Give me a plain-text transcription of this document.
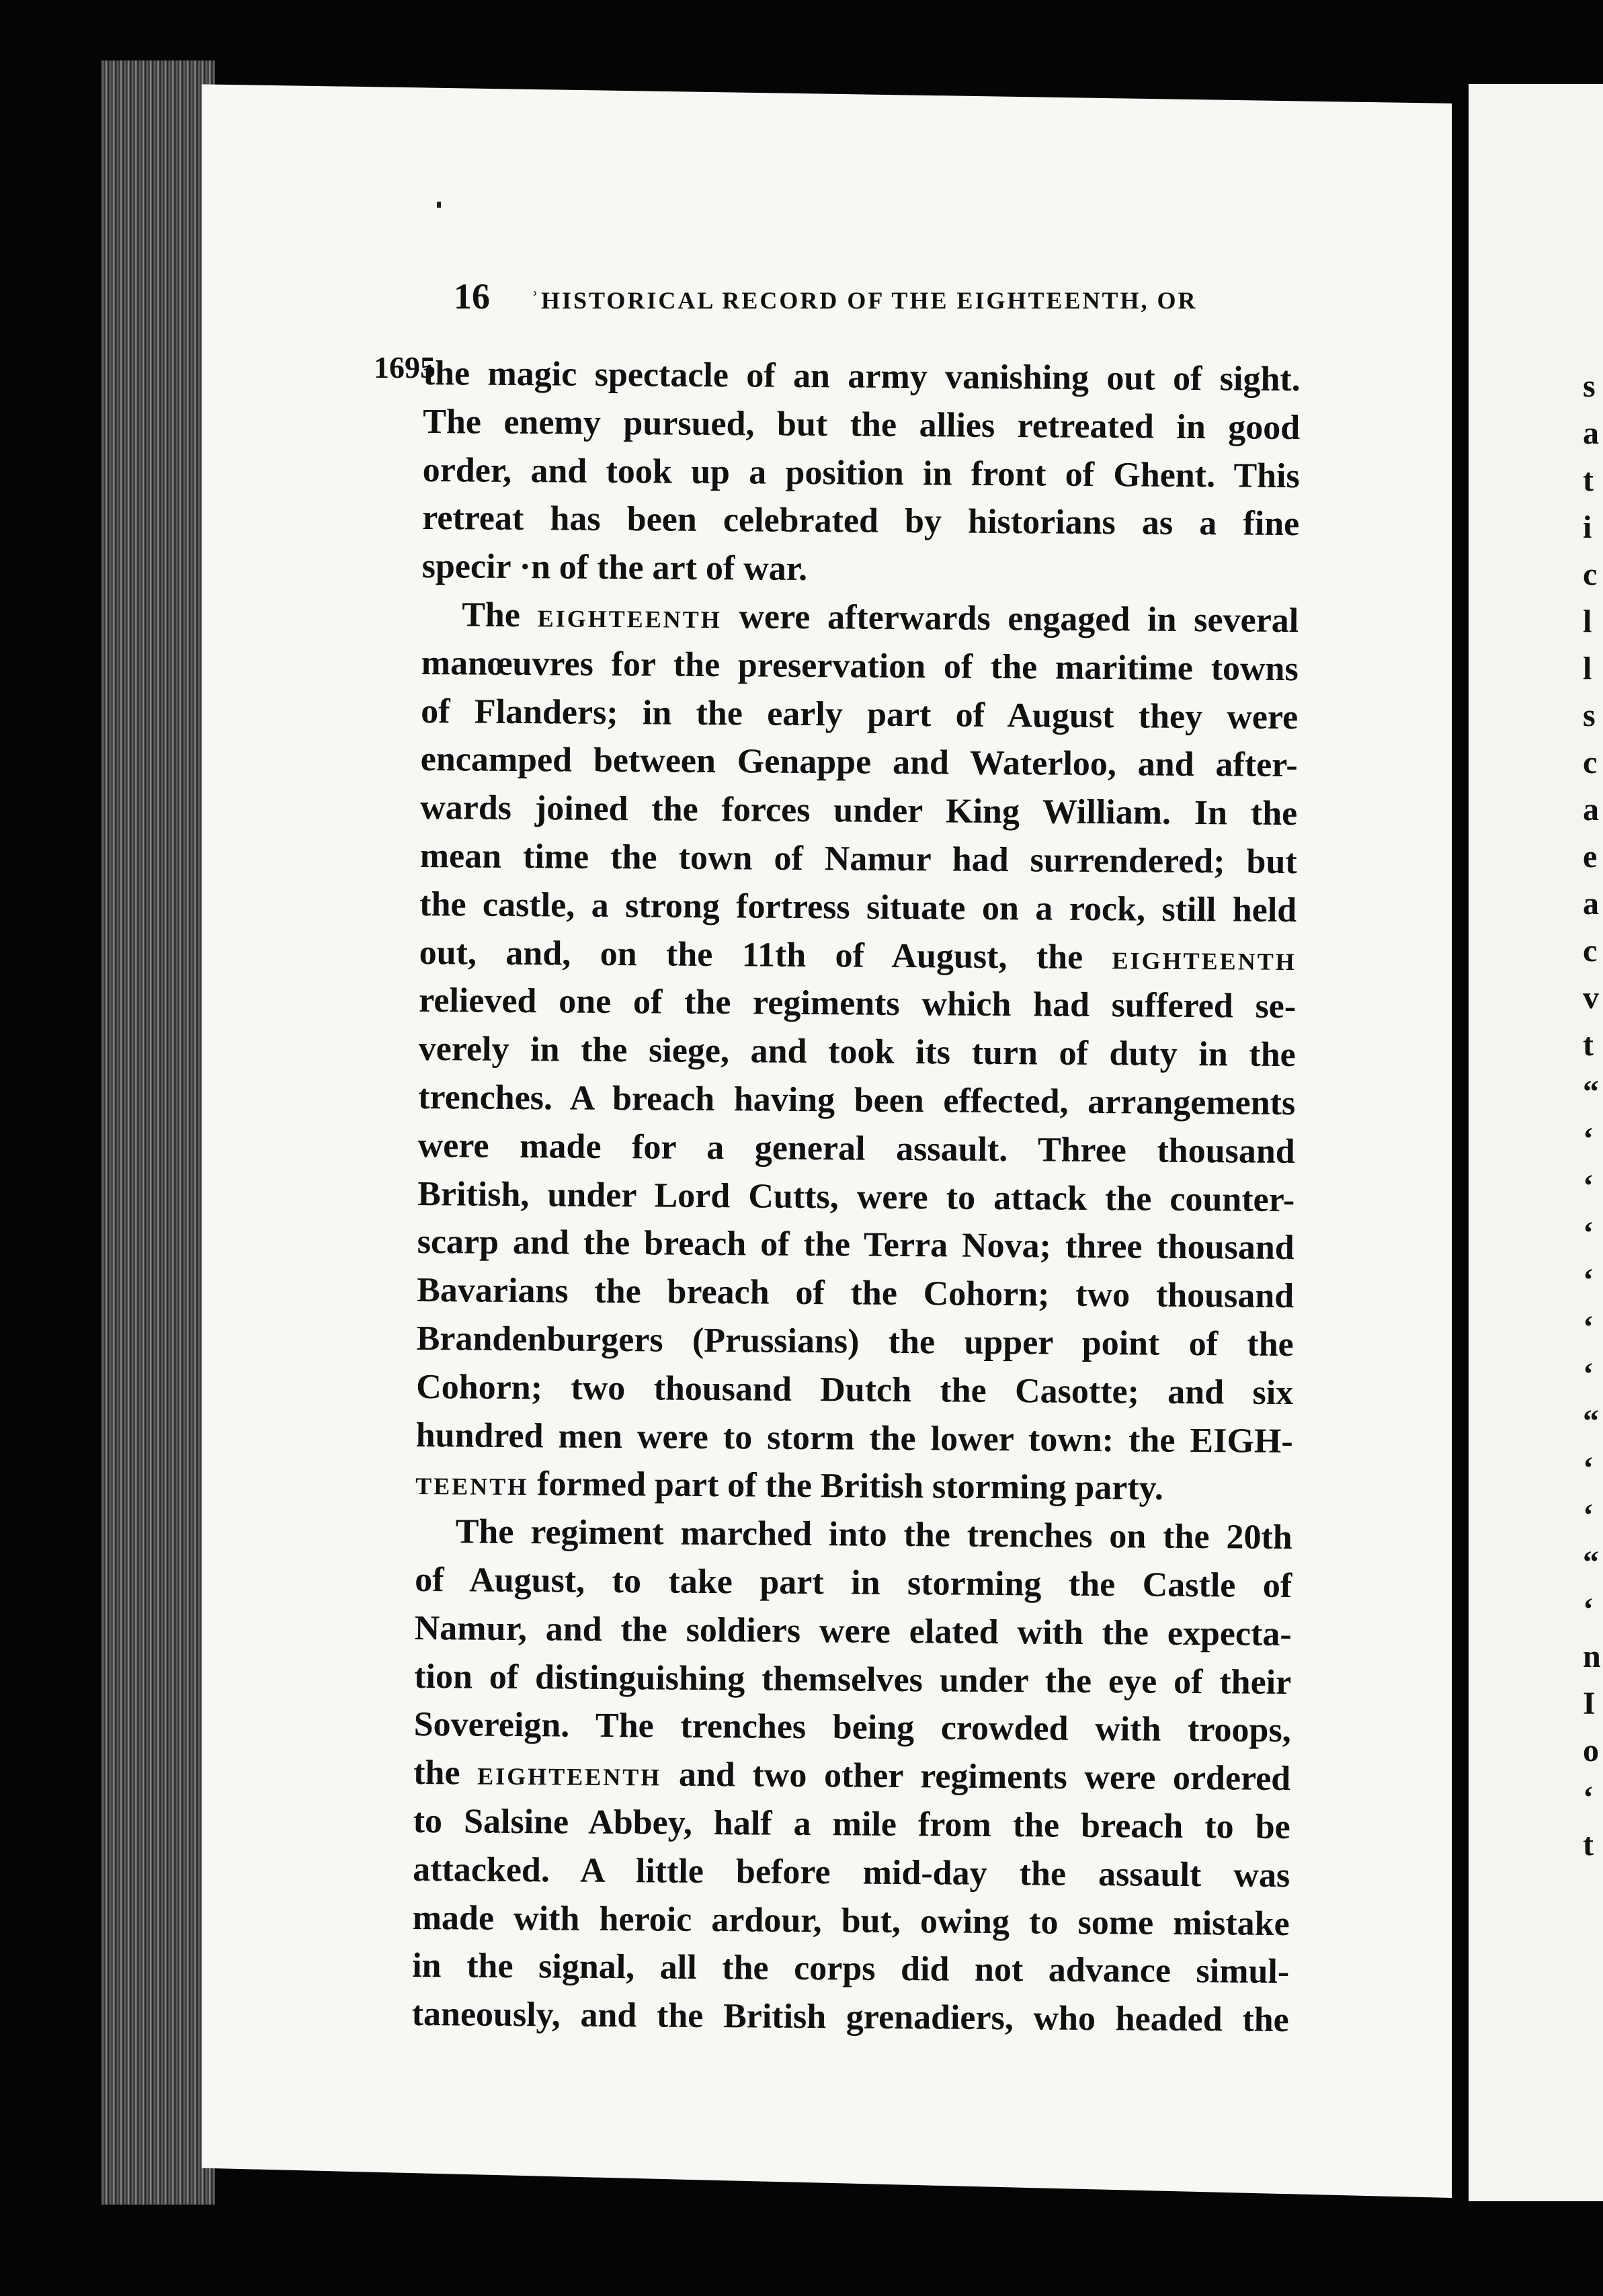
s
a
t
i
c
l
l
s
c
a
e
a
c
v
t
“
‘
‘
‘
‘
‘
‘
“
‘
‘
“
‘
n
I
o
‘
t
16 ʾHISTORICAL RECORD OF THE EIGHTEENTH, OR
1695
the magic spectacle of an army vanishing out of sight.
The enemy pursued, but the allies retreated in good
order, and took up a position in front of Ghent. This
retreat has been celebrated by historians as a fine
specir ·n of the art of war.
The eighteenth were afterwards engaged in several
manœuvres for the preservation of the maritime towns
of Flanders; in the early part of August they were
encamped between Genappe and Waterloo, and after-
wards joined the forces under King William. In the
mean time the town of Namur had surrendered; but
the castle, a strong fortress situate on a rock, still held
out, and, on the 11th of August, the eighteenth
relieved one of the regiments which had suffered se-
verely in the siege, and took its turn of duty in the
trenches. A breach having been effected, arrangements
were made for a general assault. Three thousand
British, under Lord Cutts, were to attack the counter-
scarp and the breach of the Terra Nova; three thousand
Bavarians the breach of the Cohorn; two thousand
Brandenburgers (Prussians) the upper point of the
Cohorn; two thousand Dutch the Casotte; and six
hundred men were to storm the lower town: the EIGH-
teenth formed part of the British storming party.
The regiment marched into the trenches on the 20th
of August, to take part in storming the Castle of
Namur, and the soldiers were elated with the expecta-
tion of distinguishing themselves under the eye of their
Sovereign. The trenches being crowded with troops,
the eighteenth and two other regiments were ordered
to Salsine Abbey, half a mile from the breach to be
attacked. A little before mid-day the assault was
made with heroic ardour, but, owing to some mistake
in the signal, all the corps did not advance simul-
taneously, and the British grenadiers, who headed the
